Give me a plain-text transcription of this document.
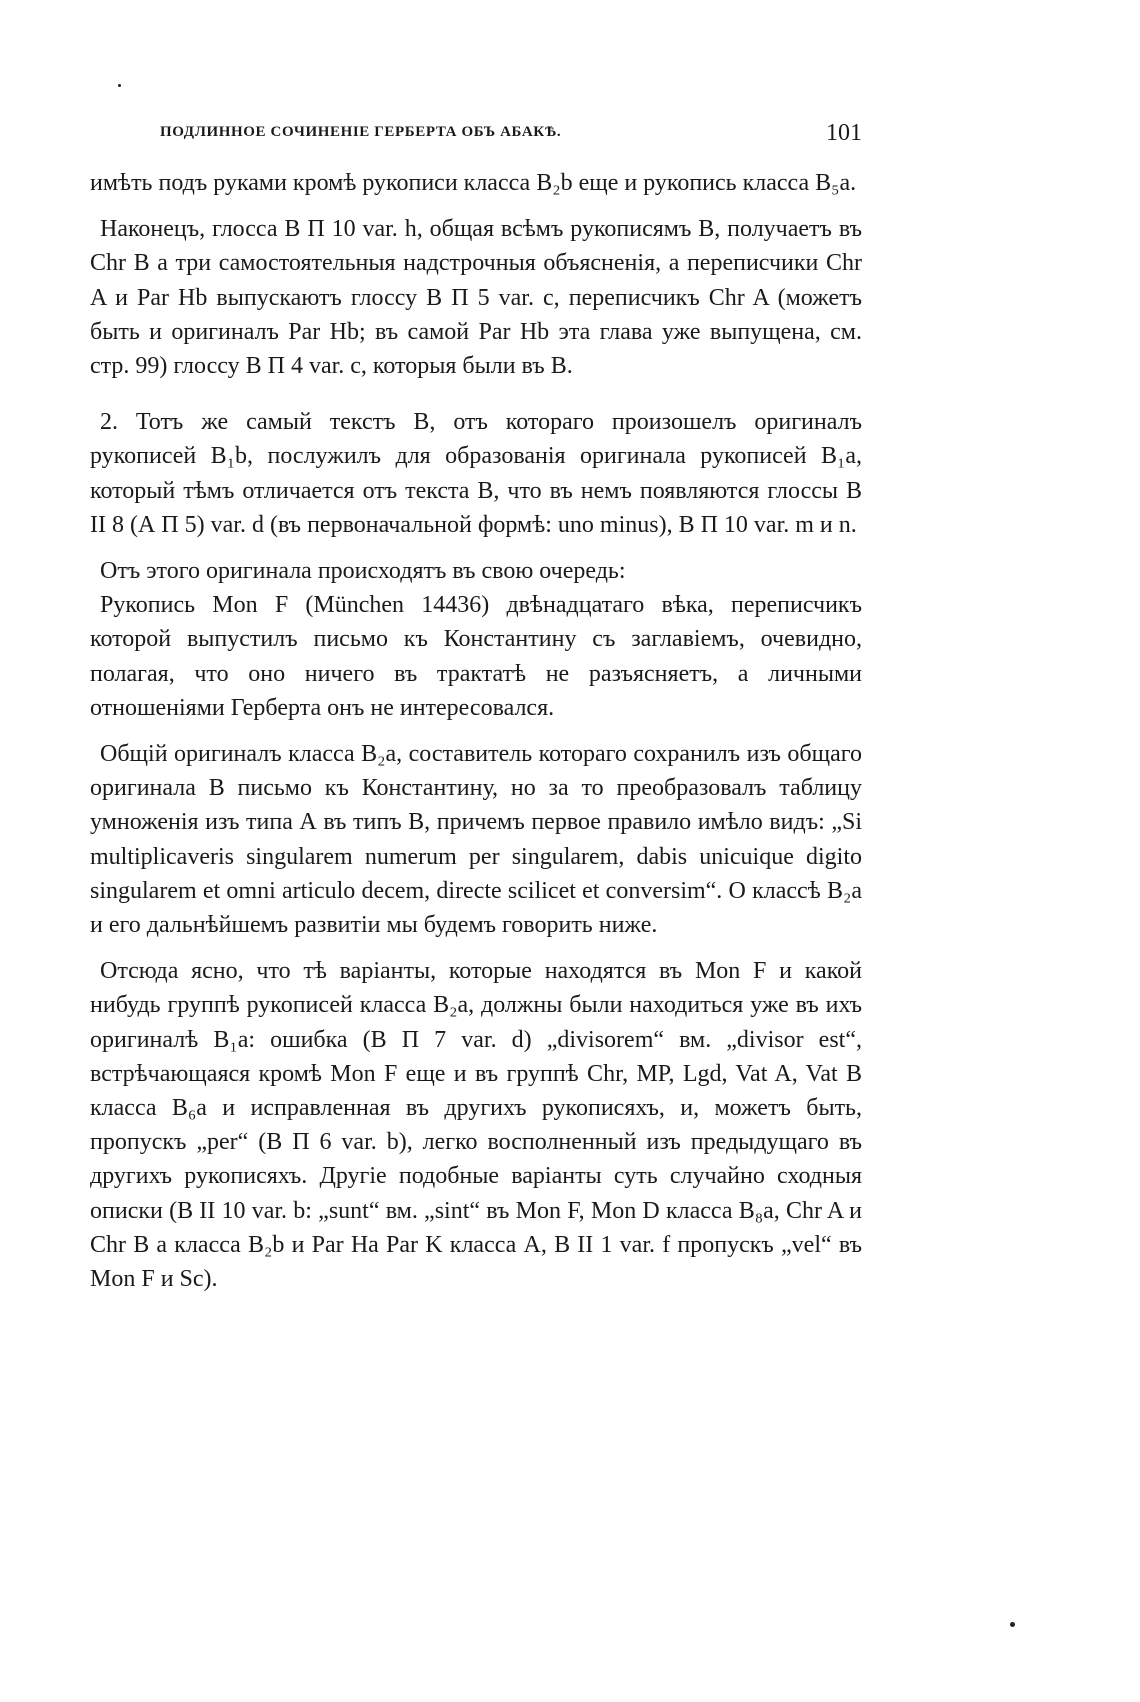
ПОДЛИННОЕ СОЧИНЕНІЕ ГЕРБЕРТА ОБЪ АБАКѢ.	101

имѣть подъ руками кромѣ рукописи класса B₂b еще и рукопись класса B₅a.

Наконецъ, глосса В П 10 var. h, общая всѣмъ рукописямъ B, получаетъ въ Chr B a три самостоятельныя надстрочныя объясненія, а переписчики Chr A и Par Hb выпускаютъ глоссу В П 5 var. c, переписчикъ Chr A (можетъ быть и оригиналъ Par Hb; въ самой Par Hb эта глава уже выпущена, см. стр. 99) глоссу В П 4 var. c, которыя были въ B.

2. Тотъ же самый текстъ B, отъ котораго произошелъ оригиналъ рукописей B₁b, послужилъ для образованія оригинала рукописей B₁a, который тѣмъ отличается отъ текста B, что въ немъ появляются глоссы В II 8 (А П 5) var. d (въ первоначальной формѣ: uno minus), В П 10 var. m и n.

Отъ этого оригинала происходятъ въ свою очередь:

Рукопись Mon F (München 14436) двѣнадцатаго вѣка, переписчикъ которой выпустилъ письмо къ Константину съ заглавіемъ, очевидно, полагая, что оно ничего въ трактатѣ не разъясняетъ, а личными отношеніями Герберта онъ не интересовался.

Общій оригиналъ класса B₂a, составитель котораго сохранилъ изъ общаго оригинала B письмо къ Константину, но за то преобразовалъ таблицу умноженія изъ типа А въ типъ B, причемъ первое правило имѣло видъ: „Si multiplicaveris singularem numerum per singularem, dabis unicuique digito singularem et omni articulo decem, directe scilicet et conversim“. О классѣ B₂a и его дальнѣйшемъ развитіи мы будемъ говорить ниже.

Отсюда ясно, что тѣ варіанты, которые находятся въ Mon F и какой нибудь группѣ рукописей класса B₂a, должны были находиться уже въ ихъ оригиналѣ B₁a: ошибка (В П 7 var. d) „divisorem“ вм. „divisor est“, встрѣчающаяся кромѣ Mon F еще и въ группѣ Chr, MP, Lgd, Vat A, Vat B класса B₆a и исправленная въ другихъ рукописяхъ, и, можетъ быть, пропускъ „per“ (В П 6 var. b), легко восполненный изъ предыдущаго въ другихъ рукописяхъ. Другіе подобные варіанты суть случайно сходныя описки (В II 10 var. b: „sunt“ вм. „sint“ въ Mon F, Mon D класса B₈a, Chr A и Chr B a класса B₂b и Par Ha Par K класса A, B II 1 var. f пропускъ „vel“ въ Mon F и Sc).
